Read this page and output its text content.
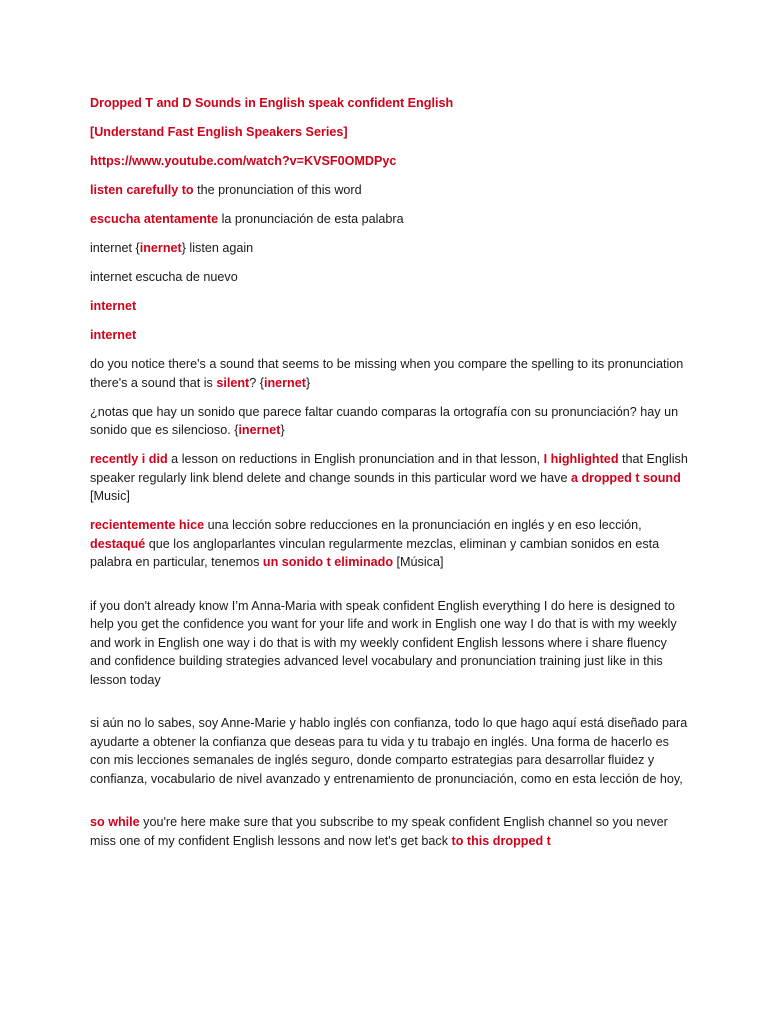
Dropped T and D Sounds in English speak confident English

[Understand Fast English Speakers Series]

https://www.youtube.com/watch?v=KVSF0OMDPyc

listen carefully to the pronunciation of this word

escucha atentamente la pronunciación de esta palabra

internet {inernet} listen again

internet escucha de nuevo

internet

internet

do you notice there's a sound that seems to be missing when you compare the spelling to its pronunciation there's a sound that is silent? {inernet}

¿notas que hay un sonido que parece faltar cuando comparas la ortografía con su pronunciación? hay un sonido que es silencioso. {inernet}

recently i did a lesson on reductions in English pronunciation and in that lesson, I highlighted that English speaker regularly link blend delete and change sounds in this particular word we have a dropped t sound [Music]

recientemente hice una lección sobre reducciones en la pronunciación en inglés y en eso lección, destaqué que los angloparlantes vinculan regularmente mezclas, eliminan y cambian sonidos en esta palabra en particular, tenemos un sonido t eliminado [Música]

if you don't already know I’m Anna-Maria with speak confident English everything I do here is designed to help you get the confidence you want for your life and work in English one way I do that is with my weekly and work in English one way i do that is with my weekly confident English lessons where i share fluency and confidence building strategies advanced level vocabulary and pronunciation training just like in this lesson today

si aún no lo sabes, soy Anne-Marie y hablo inglés con confianza, todo lo que hago aquí está diseñado para ayudarte a obtener la confianza que deseas para tu vida y tu trabajo en inglés. Una forma de hacerlo es con mis lecciones semanales de inglés seguro, donde comparto estrategias para desarrollar fluidez y confianza, vocabulario de nivel avanzado y entrenamiento de pronunciación, como en esta lección de hoy,

so while you're here make sure that you subscribe to my speak confident English channel so you never miss one of my confident English lessons and now let's get back to this dropped t
